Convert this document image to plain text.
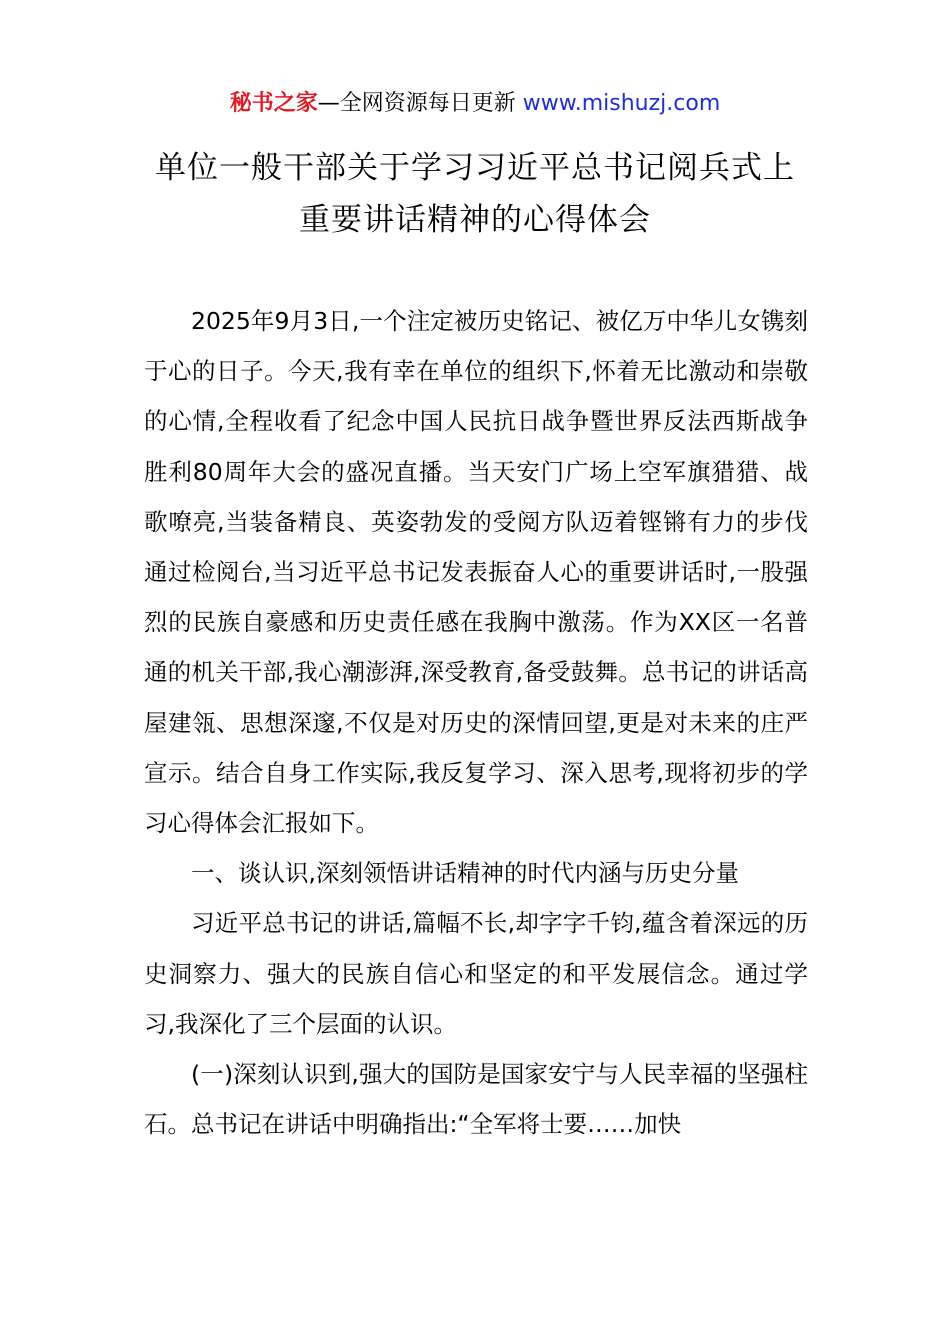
秘书之家—全网资源每日更新 www.mishuzj.com
单位一般干部关于学习习近平总书记阅兵式上
重要讲话精神的心得体会

2025年9月3日,一个注定被历史铭记、被亿万中华儿女镌刻于心的日子。今天,我有幸在单位的组织下,怀着无比激动和崇敬的心情,全程收看了纪念中国人民抗日战争暨世界反法西斯战争胜利80周年大会的盛况直播。当天安门广场上空军旗猎猎、战歌嘹亮,当装备精良、英姿勃发的受阅方队迈着铿锵有力的步伐通过检阅台,当习近平总书记发表振奋人心的重要讲话时,一股强烈的民族自豪感和历史责任感在我胸中激荡。作为XX区一名普通的机关干部,我心潮澎湃,深受教育,备受鼓舞。总书记的讲话高屋建瓴、思想深邃,不仅是对历史的深情回望,更是对未来的庄严宣示。结合自身工作实际,我反复学习、深入思考,现将初步的学习心得体会汇报如下。

一、谈认识,深刻领悟讲话精神的时代内涵与历史分量

习近平总书记的讲话,篇幅不长,却字字千钧,蕴含着深远的历史洞察力、强大的民族自信心和坚定的和平发展信念。通过学习,我深化了三个层面的认识。

(一)深刻认识到,强大的国防是国家安宁与人民幸福的坚强柱石。总书记在讲话中明确指出:“全军将士要……加快
